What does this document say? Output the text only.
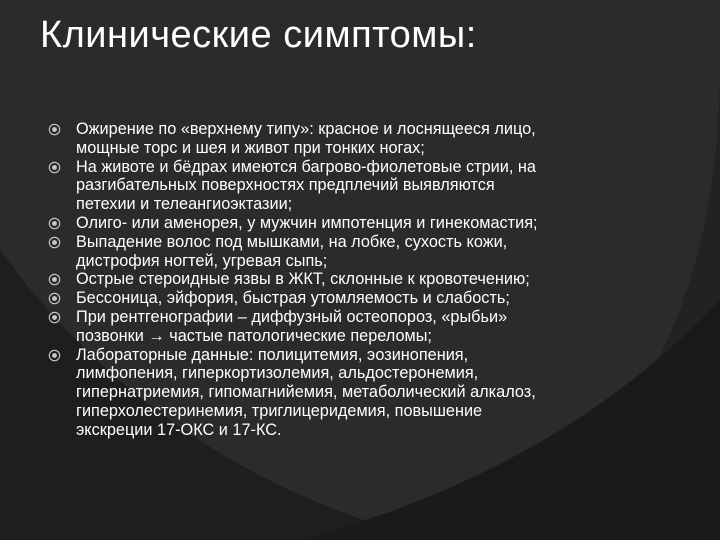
Клинические симптомы:
Ожирение по «верхнему типу»: красное и лоснящееся лицо,
мощные торс и шея и живот при тонких ногах;
На животе и бёдрах имеются багрово-фиолетовые стрии, на
разгибательных поверхностях предплечий выявляются
петехии и телеангиоэктазии;
Олиго- или аменорея, у мужчин импотенция и гинекомастия;
Выпадение волос под мышками, на лобке, сухость кожи,
дистрофия ногтей, угревая сыпь;
Острые стероидные язвы в ЖКТ, склонные к кровотечению;
Бессоница, эйфория, быстрая утомляемость и слабость;
При рентгенографии – диффузный остеопороз, «рыбьи»
позвонки → частые патологические переломы;
Лабораторные данные: полицитемия, эозинопения,
лимфопения, гиперкортизолемия, альдостеронемия,
гипернатриемия, гипомагнийемия, метаболический алкалоз,
гиперхолестеринемия, триглицеридемия, повышение
экскреции 17-ОКС и 17-КС.
